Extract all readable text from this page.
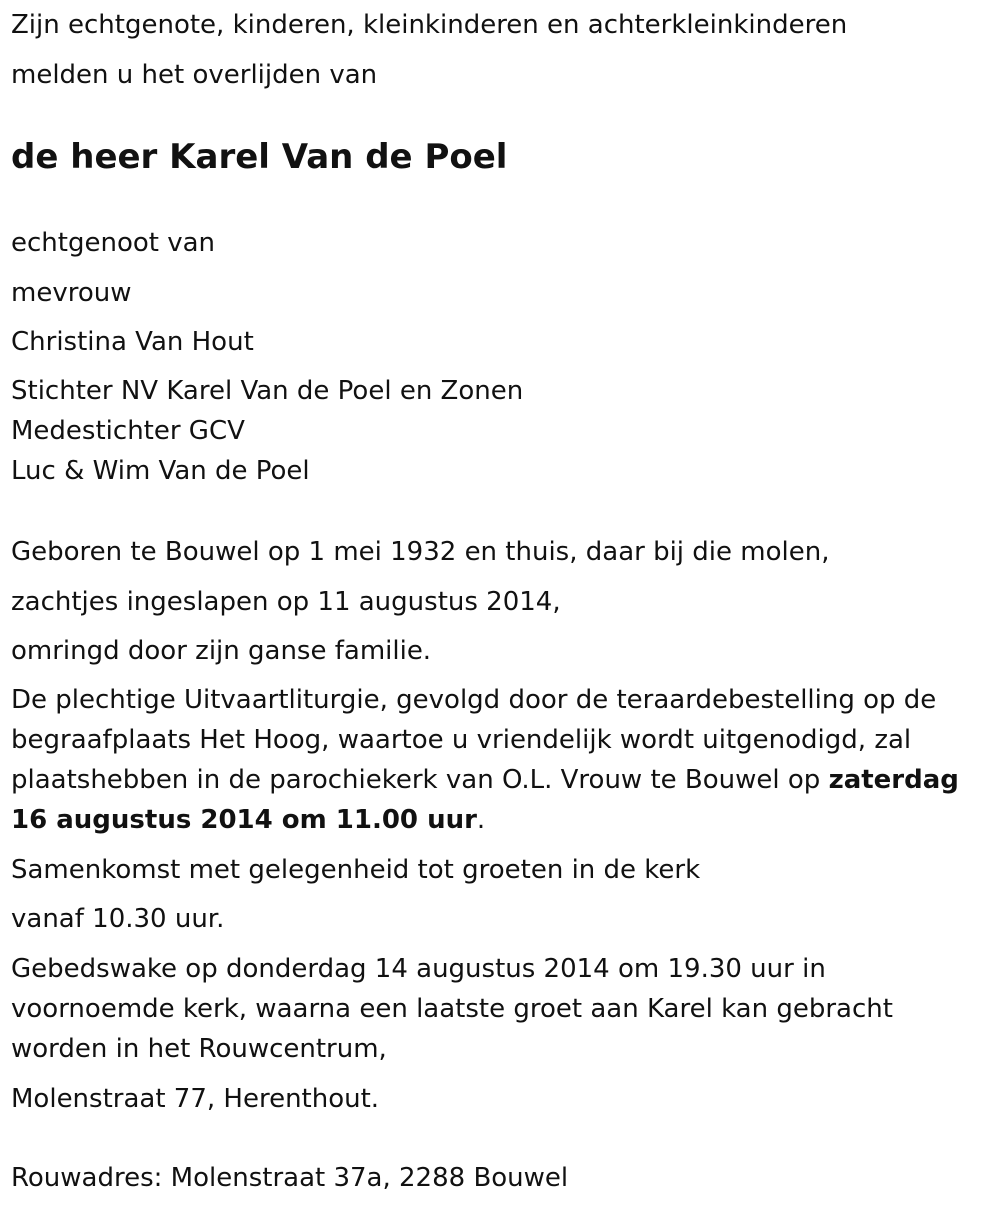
Zijn echtgenote, kinderen, kleinkinderen en achterkleinkinderen

melden u het overlijden van

de heer Karel Van de Poel

echtgenoot van

mevrouw

Christina Van Hout

Stichter NV Karel Van de Poel en Zonen

Medestichter GCV

Luc & Wim Van de Poel

Geboren te Bouwel op 1 mei 1932 en thuis, daar bij die molen,

zachtjes ingeslapen op 11 augustus 2014,

omringd door zijn ganse familie.

De plechtige Uitvaartliturgie, gevolgd door de teraardebestelling op de begraafplaats Het Hoog, waartoe u vriendelijk wordt uitgenodigd, zal plaatshebben in de parochiekerk van O.L. Vrouw te Bouwel op zaterdag 16 augustus 2014 om 11.00 uur.

Samenkomst met gelegenheid tot groeten in de kerk

vanaf 10.30 uur.

Gebedswake op donderdag 14 augustus 2014 om 19.30 uur in voornoemde kerk, waarna een laatste groet aan Karel kan gebracht worden in het Rouwcentrum,

Molenstraat 77, Herenthout.

Rouwadres: Molenstraat 37a, 2288 Bouwel
